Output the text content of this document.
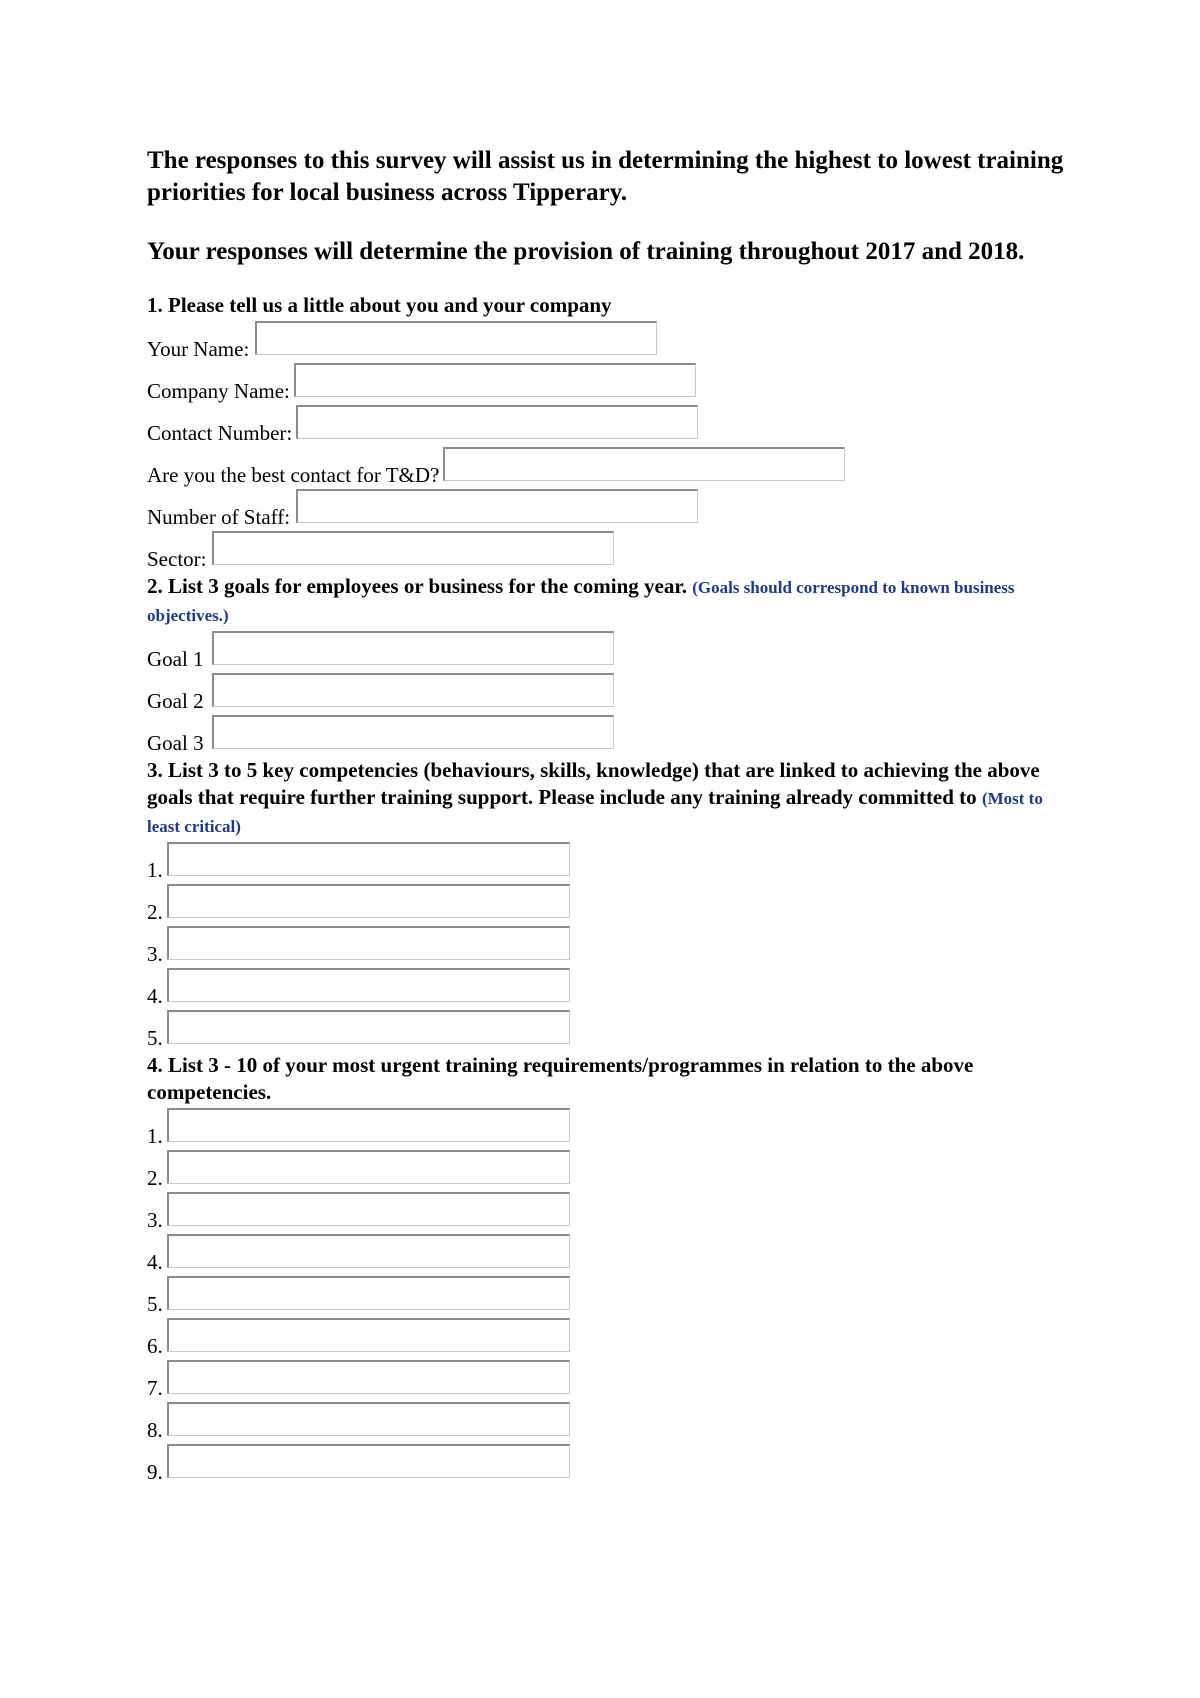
The responses to this survey will assist us in determining the highest to lowest training priorities for local business across Tipperary.

Your responses will determine the provision of training throughout 2017 and 2018.

1. Please tell us a little about you and your company

Your Name:
Company Name:
Contact Number:
Are you the best contact for T&D?
Number of Staff:
Sector:

2. List 3 goals for employees or business for the coming year. (Goals should correspond to known business objectives.)

Goal 1
Goal 2
Goal 3

3. List 3 to 5 key competencies (behaviours, skills, knowledge) that are linked to achieving the above goals that require further training support. Please include any training already committed to (Most to least critical)

1.
2.
3.
4.
5.

4. List 3 - 10 of your most urgent training requirements/programmes in relation to the above competencies.

1.
2.
3.
4.
5.
6.
7.
8.
9.
